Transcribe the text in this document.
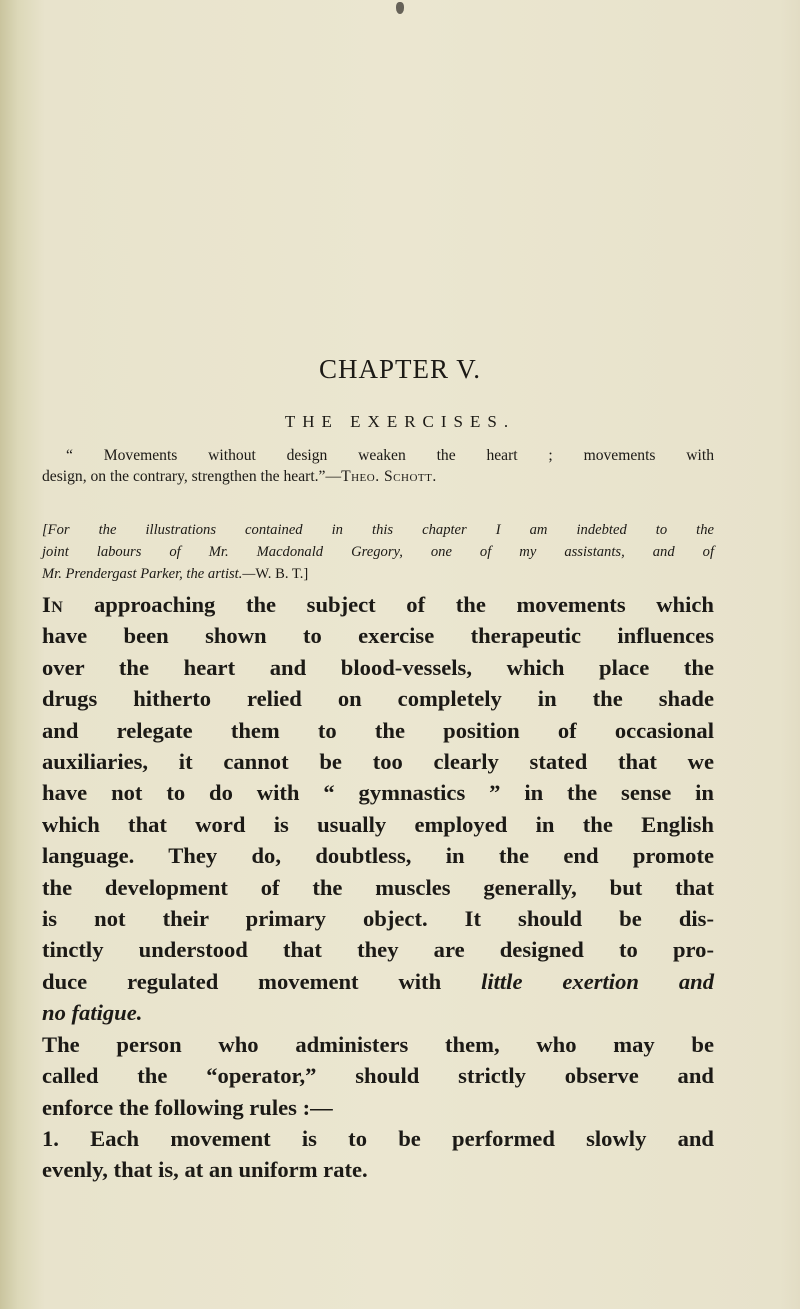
CHAPTER V.
THE EXERCISES.
“ Movements without design weaken the heart ; movements with
design, on the contrary, strengthen the heart.”—Theo. Schott.
[For the illustrations contained in this chapter I am indebted to the
joint labours of Mr. Macdonald Gregory, one of my assistants, and of
Mr. Prendergast Parker, the artist.—W. B. T.]

In approaching the subject of the movements which
have been shown to exercise therapeutic influences
over the heart and blood-vessels, which place the
drugs hitherto relied on completely in the shade
and relegate them to the position of occasional
auxiliaries, it cannot be too clearly stated that we
have not to do with “ gymnastics ” in the sense in
which that word is usually employed in the English
language. They do, doubtless, in the end promote
the development of the muscles generally, but that
is not their primary object. It should be dis-
tinctly understood that they are designed to pro-
duce regulated movement with little exertion and
no fatigue.

The person who administers them, who may be
called the “operator,” should strictly observe and
enforce the following rules :—

1. Each movement is to be performed slowly and
evenly, that is, at an uniform rate.
